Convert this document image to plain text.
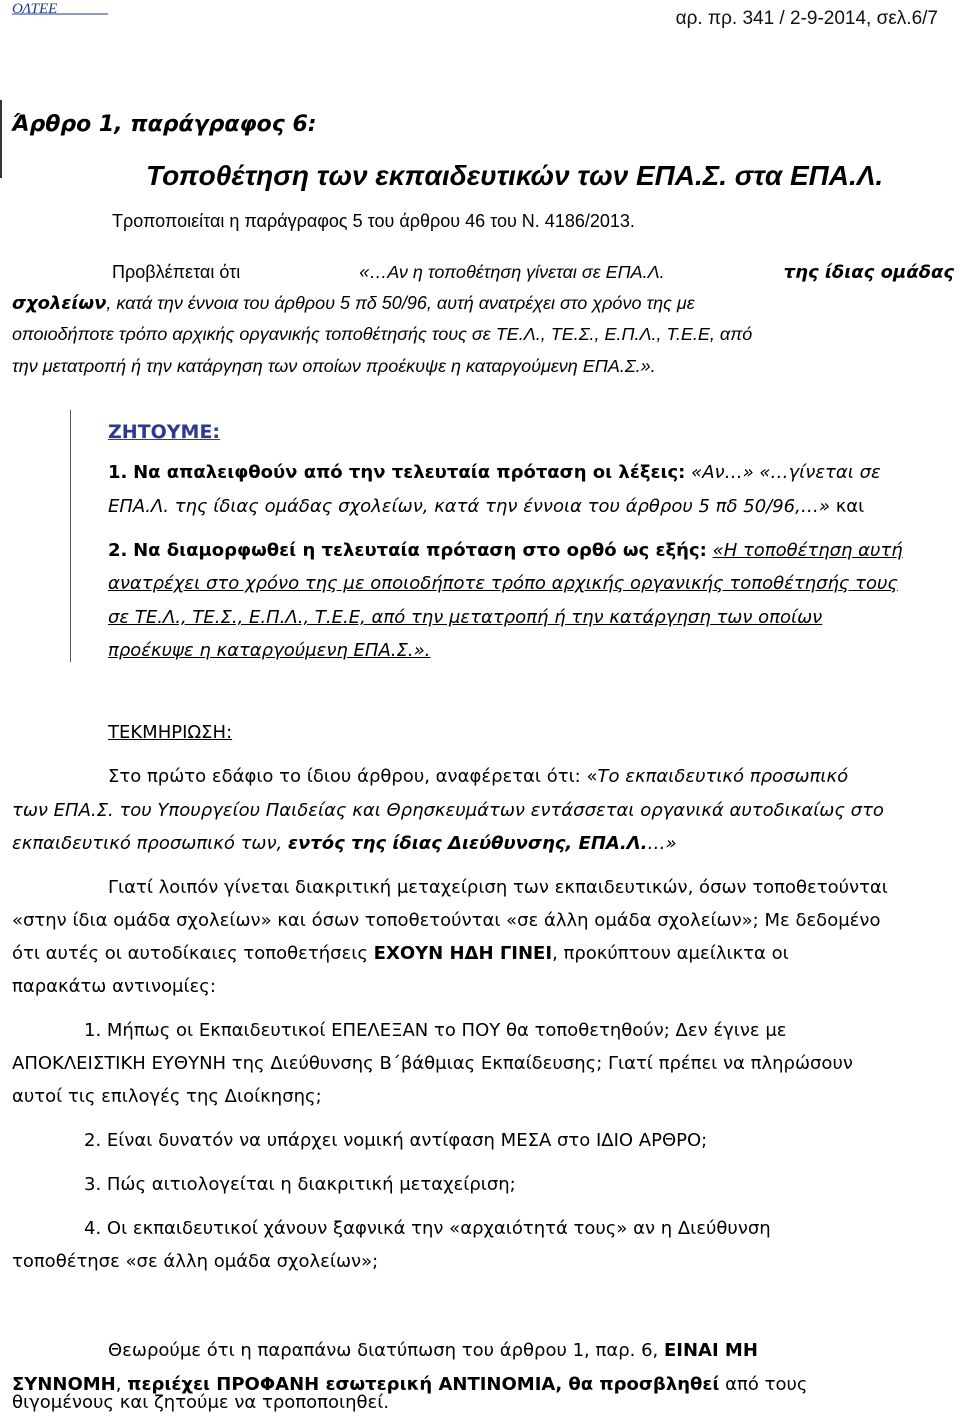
ΟΛΤΕΕ	αρ. πρ. 341 / 2-9-2014, σελ.6/7
Άρθρο 1, παράγραφος 6:
Τοποθέτηση των εκπαιδευτικών των ΕΠΑ.Σ. στα ΕΠΑ.Λ.
Τροποποιείται η παράγραφος 5 του άρθρου 46 του Ν. 4186/2013.
Προβλέπεται ότι	«…Αν η τοποθέτηση γίνεται σε ΕΠΑ.Λ.	της ίδιας ομάδας
σχολείων, κατά την έννοια του άρθρου 5 πδ 50/96, αυτή ανατρέχει στο χρόνο της με
οποιοδήποτε τρόπο αρχικής οργανικής τοποθέτησής τους σε ΤΕ.Λ., ΤΕ.Σ., Ε.Π.Λ., Τ.Ε.Ε, από
την μετατροπή ή την κατάργηση των οποίων προέκυψε η καταργούμενη ΕΠΑ.Σ.».
ΖΗΤΟΥΜΕ:
1. Να απαλειφθούν από την τελευταία πρόταση οι λέξεις: «Αν…» «…γίνεται σε
ΕΠΑ.Λ. της ίδιας ομάδας σχολείων, κατά την έννοια του άρθρου 5 πδ 50/96,…» και
2. Να διαμορφωθεί η τελευταία πρόταση στο ορθό ως εξής: «Η τοποθέτηση αυτή
ανατρέχει στο χρόνο της με οποιοδήποτε τρόπο αρχικής οργανικής τοποθέτησής τους
σε ΤΕ.Λ., ΤΕ.Σ., Ε.Π.Λ., Τ.Ε.Ε, από την μετατροπή ή την κατάργηση των οποίων
προέκυψε η καταργούμενη ΕΠΑ.Σ.».
ΤΕΚΜΗΡΙΩΣΗ:
Στο πρώτο εδάφιο το ίδιου άρθρου, αναφέρεται ότι: «Το εκπαιδευτικό προσωπικό
των ΕΠΑ.Σ. του Υπουργείου Παιδείας και Θρησκευμάτων εντάσσεται οργανικά αυτοδικαίως στο
εκπαιδευτικό προσωπικό των, εντός της ίδιας Διεύθυνσης, ΕΠΑ.Λ.…»
Γιατί λοιπόν γίνεται διακριτική μεταχείριση των εκπαιδευτικών, όσων τοποθετούνται
«στην ίδια ομάδα σχολείων» και όσων τοποθετούνται «σε άλλη ομάδα σχολείων»; Με δεδομένο
ότι αυτές οι αυτοδίκαιες τοποθετήσεις ΕΧΟΥΝ ΗΔΗ ΓΙΝΕΙ, προκύπτουν αμείλικτα οι
παρακάτω αντινομίες:
1. Μήπως οι Εκπαιδευτικοί ΕΠΕΛΕΞΑΝ το ΠΟΥ θα τοποθετηθούν; Δεν έγινε με
ΑΠΟΚΛΕΙΣΤΙΚΗ ΕΥΘΥΝΗ της Διεύθυνσης Β΄βάθμιας Εκπαίδευσης; Γιατί πρέπει να πληρώσουν
αυτοί τις επιλογές της Διοίκησης;
2. Είναι δυνατόν να υπάρχει νομική αντίφαση ΜΕΣΑ στο ΙΔΙΟ ΑΡΘΡΟ;
3. Πώς αιτιολογείται η διακριτική μεταχείριση;
4. Οι εκπαιδευτικοί χάνουν ξαφνικά την «αρχαιότητά τους» αν η Διεύθυνση
τοποθέτησε «σε άλλη ομάδα σχολείων»;
Θεωρούμε ότι η παραπάνω διατύπωση του άρθρου 1, παρ. 6, ΕΙΝΑΙ ΜΗ
ΣΥΝΝΟΜΗ, περιέχει ΠΡΟΦΑΝΗ εσωτερική ΑΝΤΙΝΟΜΙΑ, θα προσβληθεί από τους
θιγομένους και ζητούμε να τροποποιηθεί.
